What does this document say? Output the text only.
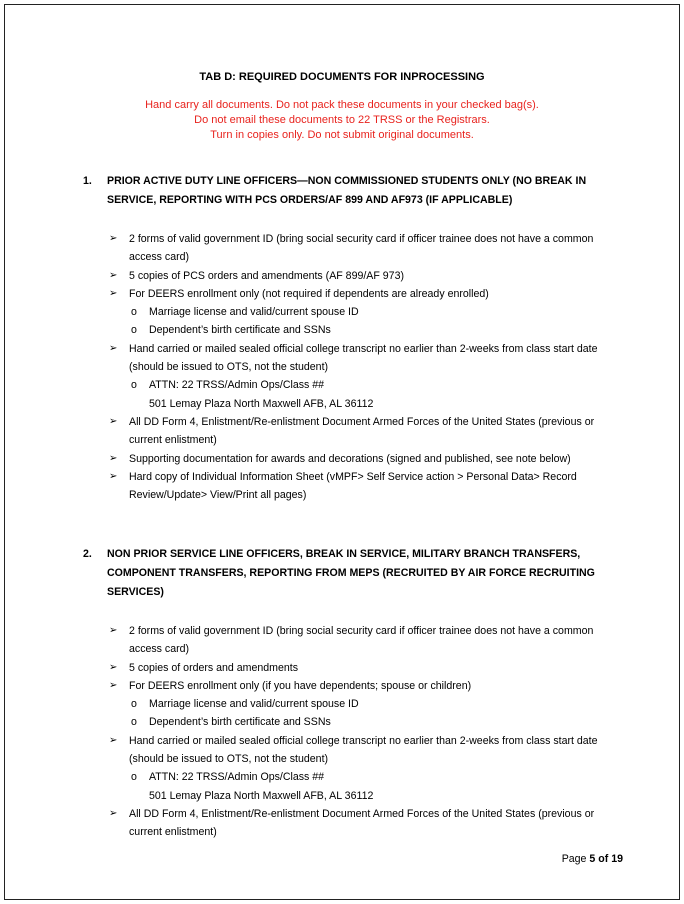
TAB D: REQUIRED DOCUMENTS FOR INPROCESSING
Hand carry all documents. Do not pack these documents in your checked bag(s).
Do not email these documents to 22 TRSS or the Registrars.
Turn in copies only. Do not submit original documents.
1. PRIOR ACTIVE DUTY LINE OFFICERS—NON COMMISSIONED STUDENTS ONLY (NO BREAK IN SERVICE, REPORTING WITH PCS ORDERS/AF 899 AND AF973 (IF APPLICABLE)
➢ 2 forms of valid government ID (bring social security card if officer trainee does not have a common access card)
➢ 5 copies of PCS orders and amendments (AF 899/AF 973)
➢ For DEERS enrollment only (not required if dependents are already enrolled)
o Marriage license and valid/current spouse ID
o Dependent’s birth certificate and SSNs
➢ Hand carried or mailed sealed official college transcript no earlier than 2-weeks from class start date (should be issued to OTS, not the student)
o ATTN: 22 TRSS/Admin Ops/Class ##
501 Lemay Plaza North Maxwell AFB, AL 36112
➢ All DD Form 4, Enlistment/Re-enlistment Document Armed Forces of the United States (previous or current enlistment)
➢ Supporting documentation for awards and decorations (signed and published, see note below)
➢ Hard copy of Individual Information Sheet (vMPF> Self Service action > Personal Data> Record Review/Update> View/Print all pages)
2. NON PRIOR SERVICE LINE OFFICERS, BREAK IN SERVICE, MILITARY BRANCH TRANSFERS, COMPONENT TRANSFERS, REPORTING FROM MEPS (RECRUITED BY AIR FORCE RECRUITING SERVICES)
➢ 2 forms of valid government ID (bring social security card if officer trainee does not have a common access card)
➢ 5 copies of orders and amendments
➢ For DEERS enrollment only (if you have dependents; spouse or children)
o Marriage license and valid/current spouse ID
o Dependent’s birth certificate and SSNs
➢ Hand carried or mailed sealed official college transcript no earlier than 2-weeks from class start date (should be issued to OTS, not the student)
o ATTN: 22 TRSS/Admin Ops/Class ##
501 Lemay Plaza North Maxwell AFB, AL 36112
➢ All DD Form 4, Enlistment/Re-enlistment Document Armed Forces of the United States (previous or current enlistment)
Page 5 of 19
